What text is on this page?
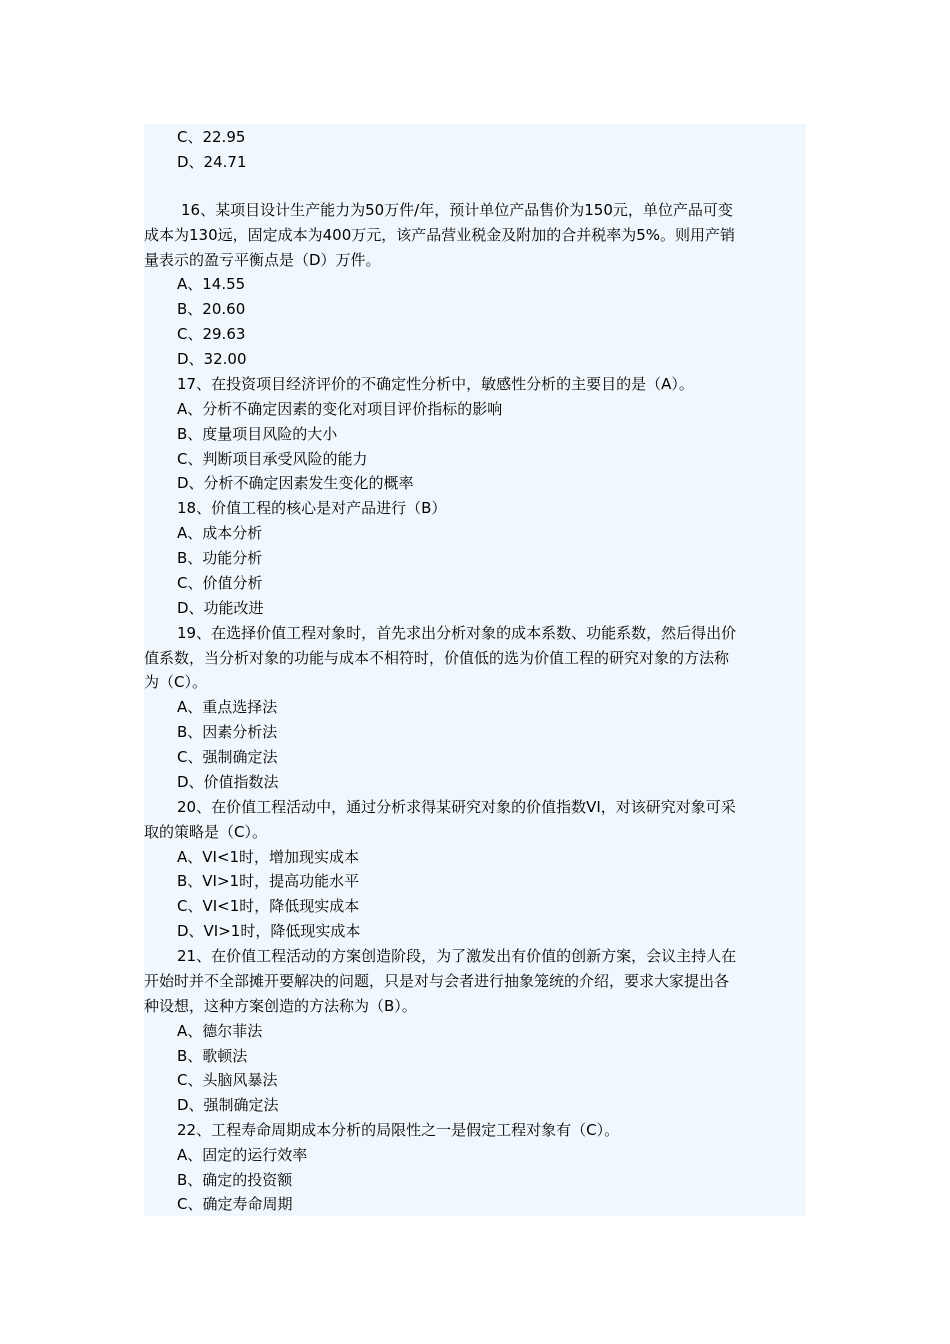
C、22.95
D、24.71
16、某项目设计生产能力为50万件/年，预计单位产品售价为150元，单位产品可变
成本为130远，固定成本为400万元，该产品营业税金及附加的合并税率为5%。则用产销
量表示的盈亏平衡点是（D）万件。
A、14.55
B、20.60
C、29.63
D、32.00
17、在投资项目经济评价的不确定性分析中，敏感性分析的主要目的是（A）。
A、分析不确定因素的变化对项目评价指标的影响
B、度量项目风险的大小
C、判断项目承受风险的能力
D、分析不确定因素发生变化的概率
18、价值工程的核心是对产品进行（B）
A、成本分析
B、功能分析
C、价值分析
D、功能改进
19、在选择价值工程对象时，首先求出分析对象的成本系数、功能系数，然后得出价
值系数，当分析对象的功能与成本不相符时，价值低的选为价值工程的研究对象的方法称
为（C）。
A、重点选择法
B、因素分析法
C、强制确定法
D、价值指数法
20、在价值工程活动中，通过分析求得某研究对象的价值指数VI，对该研究对象可采
取的策略是（C）。
A、VI<1时，增加现实成本
B、VI>1时，提高功能水平
C、VI<1时，降低现实成本
D、VI>1时，降低现实成本
21、在价值工程活动的方案创造阶段，为了激发出有价值的创新方案，会议主持人在
开始时并不全部摊开要解决的问题，只是对与会者进行抽象笼统的介绍，要求大家提出各
种设想，这种方案创造的方法称为（B）。
A、德尔菲法
B、歌顿法
C、头脑风暴法
D、强制确定法
22、工程寿命周期成本分析的局限性之一是假定工程对象有（C）。
A、固定的运行效率
B、确定的投资额
C、确定寿命周期
